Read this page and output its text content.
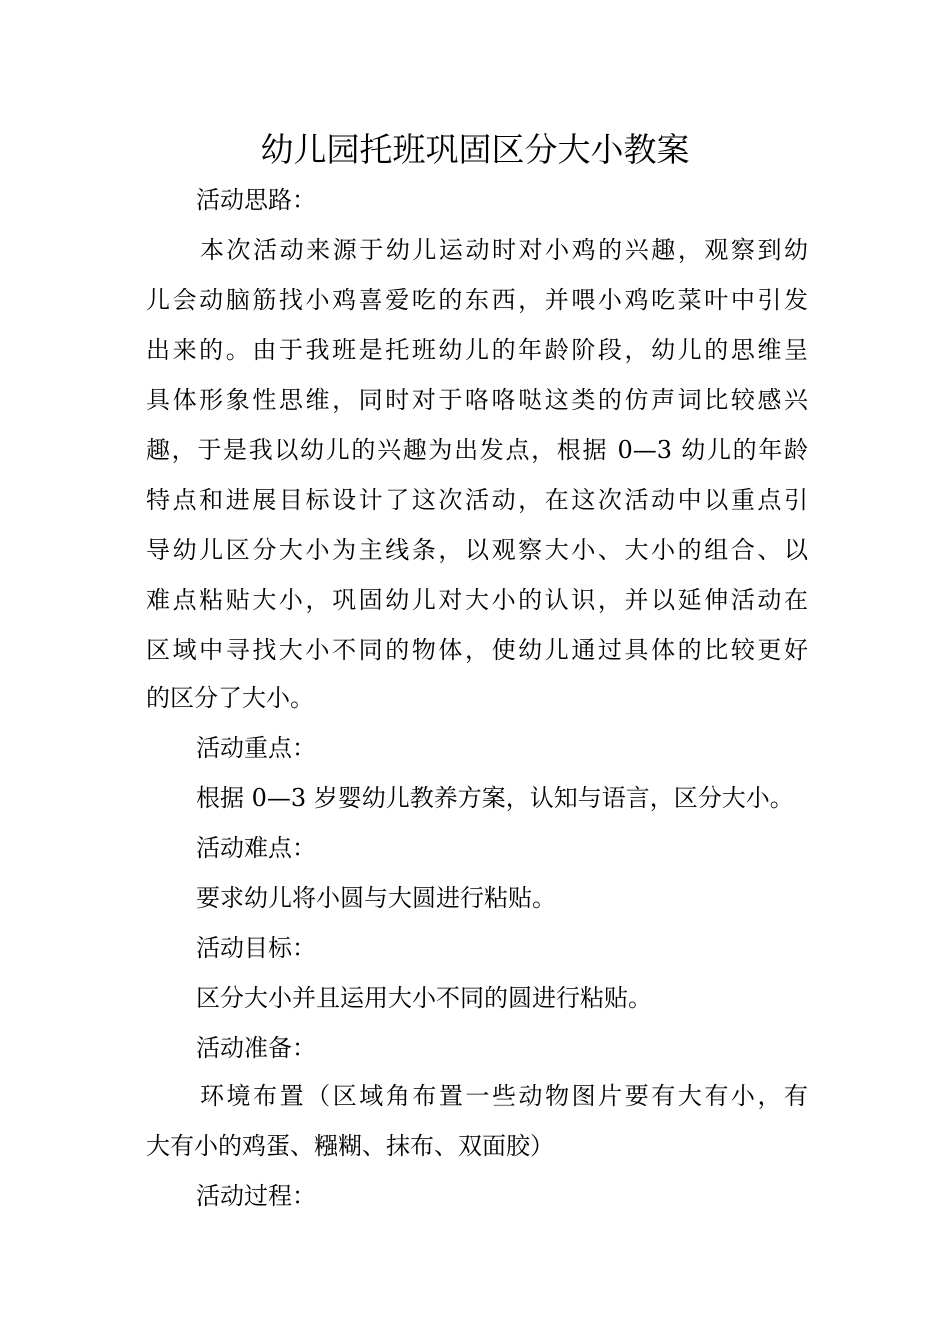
幼儿园托班巩固区分大小教案

活动思路：

本次活动来源于幼儿运动时对小鸡的兴趣，观察到幼

儿会动脑筋找小鸡喜爱吃的东西，并喂小鸡吃菜叶中引发

出来的。由于我班是托班幼儿的年龄阶段，幼儿的思维呈

具体形象性思维，同时对于咯咯哒这类的仿声词比较感兴

趣，于是我以幼儿的兴趣为出发点，根据 0—3 幼儿的年龄

特点和进展目标设计了这次活动，在这次活动中以重点引

导幼儿区分大小为主线条，以观察大小、大小的组合、以

难点粘贴大小，巩固幼儿对大小的认识，并以延伸活动在

区域中寻找大小不同的物体，使幼儿通过具体的比较更好

的区分了大小。

活动重点：

根据 0—3 岁婴幼儿教养方案，认知与语言，区分大小。

活动难点：

要求幼儿将小圆与大圆进行粘贴。

活动目标：

区分大小并且运用大小不同的圆进行粘贴。

活动准备：

环境布置（区域角布置一些动物图片要有大有小，有

大有小的鸡蛋、糨糊、抹布、双面胶）

活动过程：
